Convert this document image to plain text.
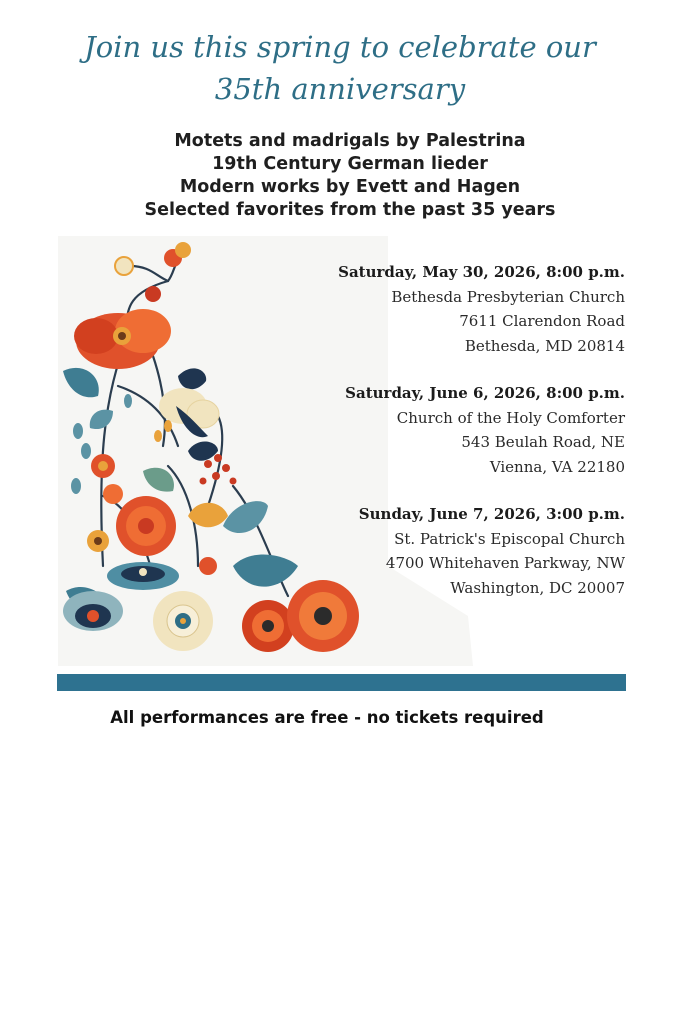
Join us this spring to celebrate our
35th anniversary
Motets and madrigals by Palestrina
19th Century German lieder
Modern works by Evett and Hagen
Selected favorites from the past 35 years
Saturday, May 30, 2026, 8:00 p.m.
Bethesda Presbyterian Church
7611 Clarendon Road
Bethesda, MD 20814
Saturday, June 6, 2026, 8:00 p.m.
Church of the Holy Comforter
543 Beulah Road, NE
Vienna, VA 22180
Sunday, June 7, 2026, 3:00 p.m.
St. Patrick's Episcopal Church
4700 Whitehaven Parkway, NW
Washington, DC 20007
All performances are free - no tickets required
